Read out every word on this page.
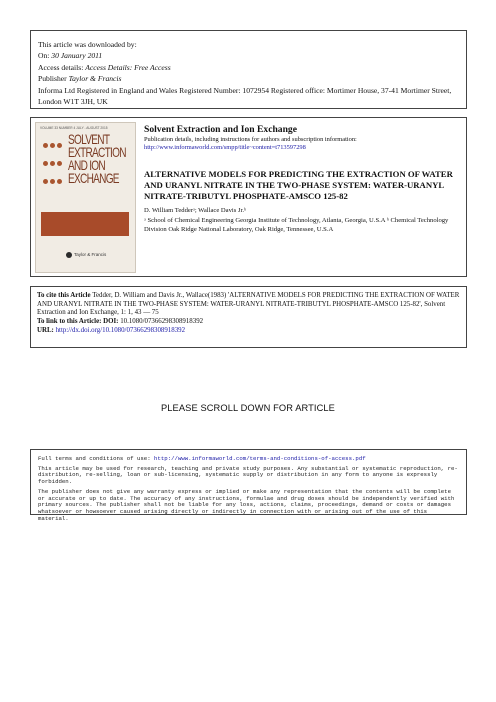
This article was downloaded by:
On: 30 January 2011
Access details: Access Details: Free Access
Publisher Taylor & Francis
Informa Ltd Registered in England and Wales Registered Number: 1072954 Registered office: Mortimer House, 37-41 Mortimer Street, London W1T 3JH, UK
VOLUME 33 NUMBER 4 JULY - AUGUST 2015
SOLVENT
EXTRACTION
AND ION
EXCHANGE
Taylor & Francis
Solvent Extraction and Ion Exchange
Publication details, including instructions for authors and subscription information:
http://www.informaworld.com/smpp/title~content=t713597298
ALTERNATIVE MODELS FOR PREDICTING THE EXTRACTION OF WATER AND URANYL NITRATE IN THE TWO-PHASE SYSTEM: WATER-URANYL NITRATE-TRIBUTYL PHOSPHATE-AMSCO 125-82
D. William Tedderᵃ; Wallace Davis Jr.ᵇ
ᵃ School of Chemical Engineering Georgia Institute of Technology, Atlanta, Georgia, U.S.A ᵇ Chemical Technology Division Oak Ridge National Laboratory, Oak Ridge, Tennessee, U.S.A

To cite this Article Tedder, D. William and Davis Jr., Wallace(1983) 'ALTERNATIVE MODELS FOR PREDICTING THE EXTRACTION OF WATER AND URANYL NITRATE IN THE TWO-PHASE SYSTEM: WATER-URANYL NITRATE-TRIBUTYL PHOSPHATE-AMSCO 125-82', Solvent Extraction and Ion Exchange, 1: 1, 43 — 75

To link to this Article: DOI: 10.1080/07366298308918392

URL: http://dx.doi.org/10.1080/07366298308918392

PLEASE SCROLL DOWN FOR ARTICLE

Full terms and conditions of use: http://www.informaworld.com/terms-and-conditions-of-access.pdf

This article may be used for research, teaching and private study purposes. Any substantial or systematic reproduction, re-distribution, re-selling, loan or sub-licensing, systematic supply or distribution in any form to anyone is expressly forbidden.

The publisher does not give any warranty express or implied or make any representation that the contents will be complete or accurate or up to date. The accuracy of any instructions, formulae and drug doses should be independently verified with primary sources. The publisher shall not be liable for any loss, actions, claims, proceedings, demand or costs or damages whatsoever or howsoever caused arising directly or indirectly in connection with or arising out of the use of this material.
